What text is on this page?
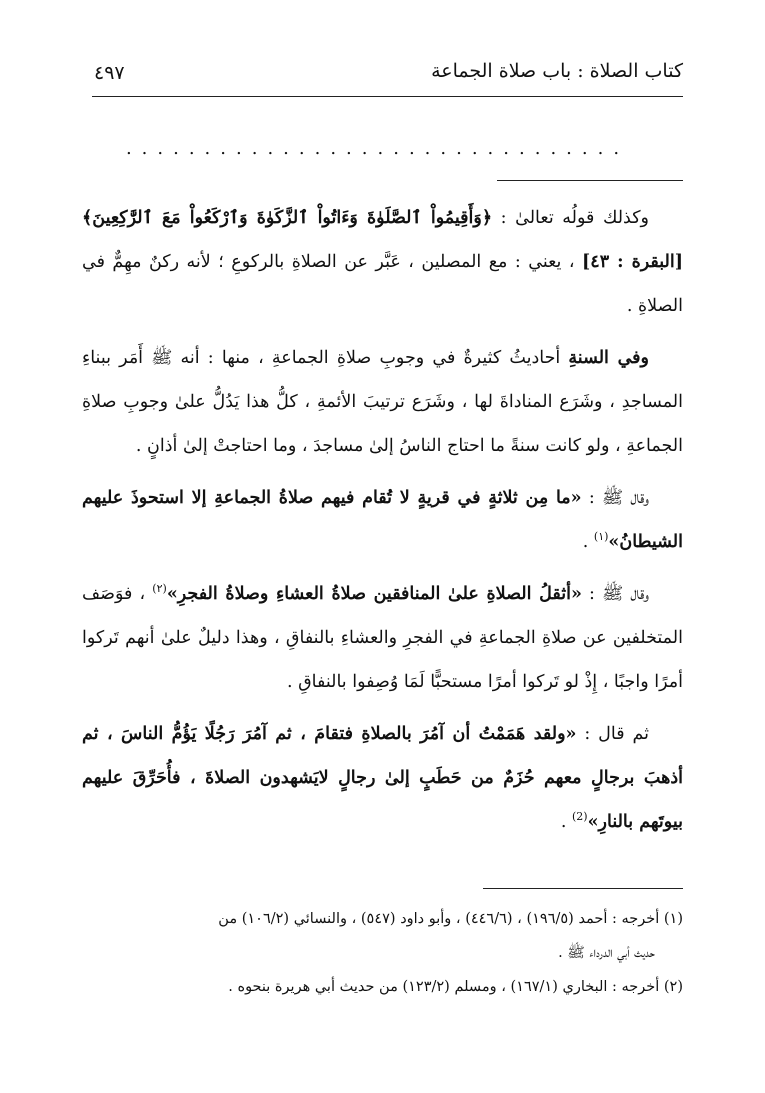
كتاب الصلاة : باب صلاة الجماعة
٤٩٧
................................

وكذلك قولُه تعالىٰ : ﴿وَأَقِيمُواْ ٱلصَّلَوٰةَ وَءَاتُواْ ٱلزَّكَوٰةَ وَٱرْكَعُواْ مَعَ ٱلرَّٰكِعِينَ﴾ [البقرة : ٤٣] ، يعني : مع المصلين ، عَبَّر عن الصلاةِ بالركوعِ ؛ لأنه ركنٌ مهِمٌّ في الصلاةِ .

وفي السنةِ أحاديثُ كثيرةٌ في وجوبِ صلاةِ الجماعةِ ، منها : أنه ﷺ أَمَر ببناءِ المساجدِ ، وشَرَع المناداةَ لها ، وشَرَع ترتيبَ الأئمةِ ، كلُّ هذا يَدُلُّ علىٰ وجوبِ صلاةِ الجماعةِ ، ولو كانت سنةً ما احتاج الناسُ إلىٰ مساجدَ ، وما احتاجتْ إلىٰ أذانٍ .

وقال ﷺ : «ما مِن ثلاثةٍ في قريةٍ لا تُقام فيهم صلاةُ الجماعةِ إلا استحوذَ عليهم الشيطانُ»$^{(١)}$ .

وقال ﷺ : «أثقلُ الصلاةِ علىٰ المنافقين صلاةُ العشاءِ وصلاةُ الفجرِ»$^{(٢)}$ ، فوَصَف المتخلفين عن صلاةِ الجماعةِ في الفجرِ والعشاءِ بالنفاقِ ، وهذا دليلٌ علىٰ أنهم تَركوا أمرًا واجبًا ، إِذْ لو تَركوا أمرًا مستحبًّا لَمَا وُصِفوا بالنفاقِ .

ثم قال : «ولقد هَمَمْتُ أن آمُرَ بالصلاةِ فتقامَ ، ثم آمُرَ رَجُلًا يَؤُمُّ الناسَ ، ثم أذهبَ برجالٍ معهم حُزَمٌ من حَطَبٍ إلىٰ رجالٍ لايَشهدون الصلاةَ ، فأُحَرِّقَ عليهم بيوتَهم بالنارِ»$^{(2)}$ .

(١) أخرجه : أحمد (١٩٦/٥) ، (٤٤٦/٦) ، وأبو داود (٥٤٧) ، والنسائي (١٠٦/٢) من

حديث أبي الدرداء ﷺ .

(٢) أخرجه : البخاري (١٦٧/١) ، ومسلم (١٢٣/٢) من حديث أبي هريرة بنحوه .
